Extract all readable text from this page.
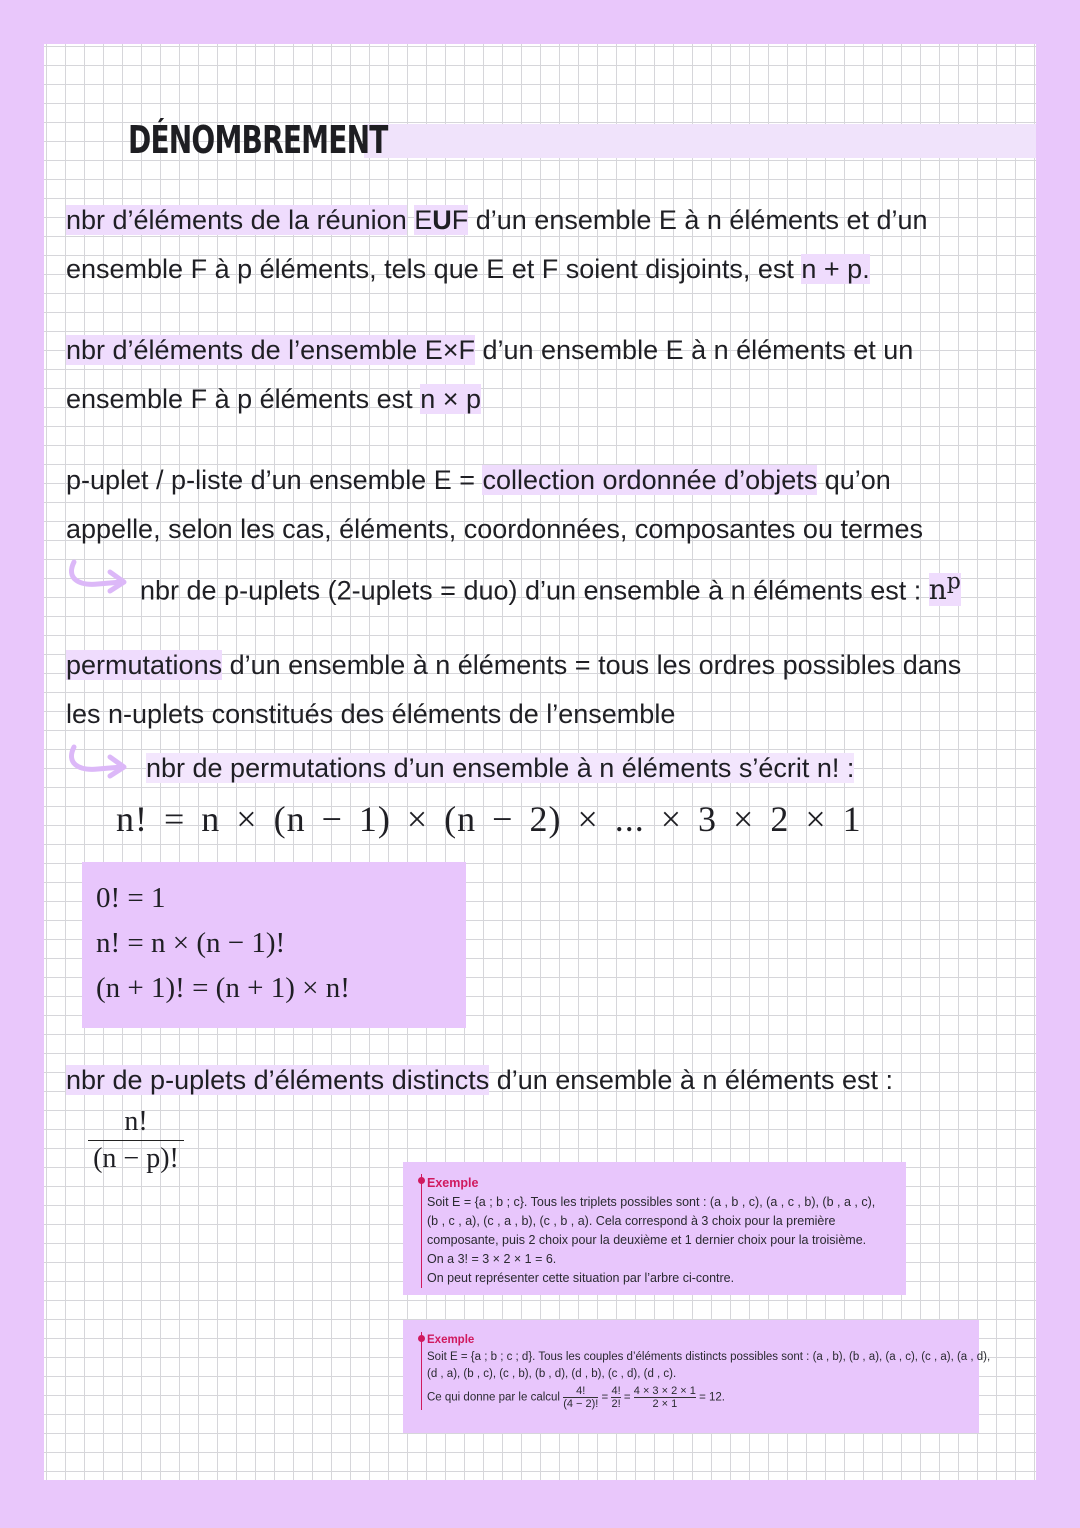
DÉNOMBREMENT
nbr d’éléments de la réunion EUF d’un ensemble E à n éléments et d’un
ensemble F à p éléments, tels que E et F soient disjoints, est n + p.
nbr d’éléments de l’ensemble E×F d’un ensemble E à n éléments et un
ensemble F à p éléments est n × p
p-uplet / p-liste d’un ensemble E = collection ordonnée d’objets qu’on
appelle, selon les cas, éléments, coordonnées, composantes ou termes
nbr de p-uplets (2-uplets = duo) d’un ensemble à n éléments est : $n^p$
permutations d’un ensemble à n éléments = tous les ordres possibles dans
les n-uplets constitués des éléments de l’ensemble
nbr de permutations d’un ensemble à n éléments s’écrit n! :
n! = n × (n − 1) × (n − 2) × ... × 3 × 2 × 1
0! = 1
n! = n × (n − 1)!
(n + 1)! = (n + 1) × n!
nbr de p-uplets d’éléments distincts d’un ensemble à n éléments est :
n!
(n − p)!
Exemple
Soit E = {a ; b ; c}. Tous les triplets possibles sont : (a , b , c), (a , c , b), (b , a , c),
(b , c , a), (c , a , b), (c , b , a). Cela correspond à 3 choix pour la première
composante, puis 2 choix pour la deuxième et 1 dernier choix pour la troisième.
On a 3! = 3 × 2 × 1 = 6.
On peut représenter cette situation par l’arbre ci-contre.
Exemple
Soit E = {a ; b ; c ; d}. Tous les couples d’éléments distincts possibles sont : (a , b), (b , a), (a , c), (c , a), (a , d),
(d , a), (b , c), (c , b), (b , d), (d , b), (c , d), (d , c).
Ce qui donne par le calcul $\frac{4!}{(4 - 2)!} = \frac{4!}{2!} = \frac{4 \times 3 \times 2 \times 1}{2 \times 1} = 12$.
